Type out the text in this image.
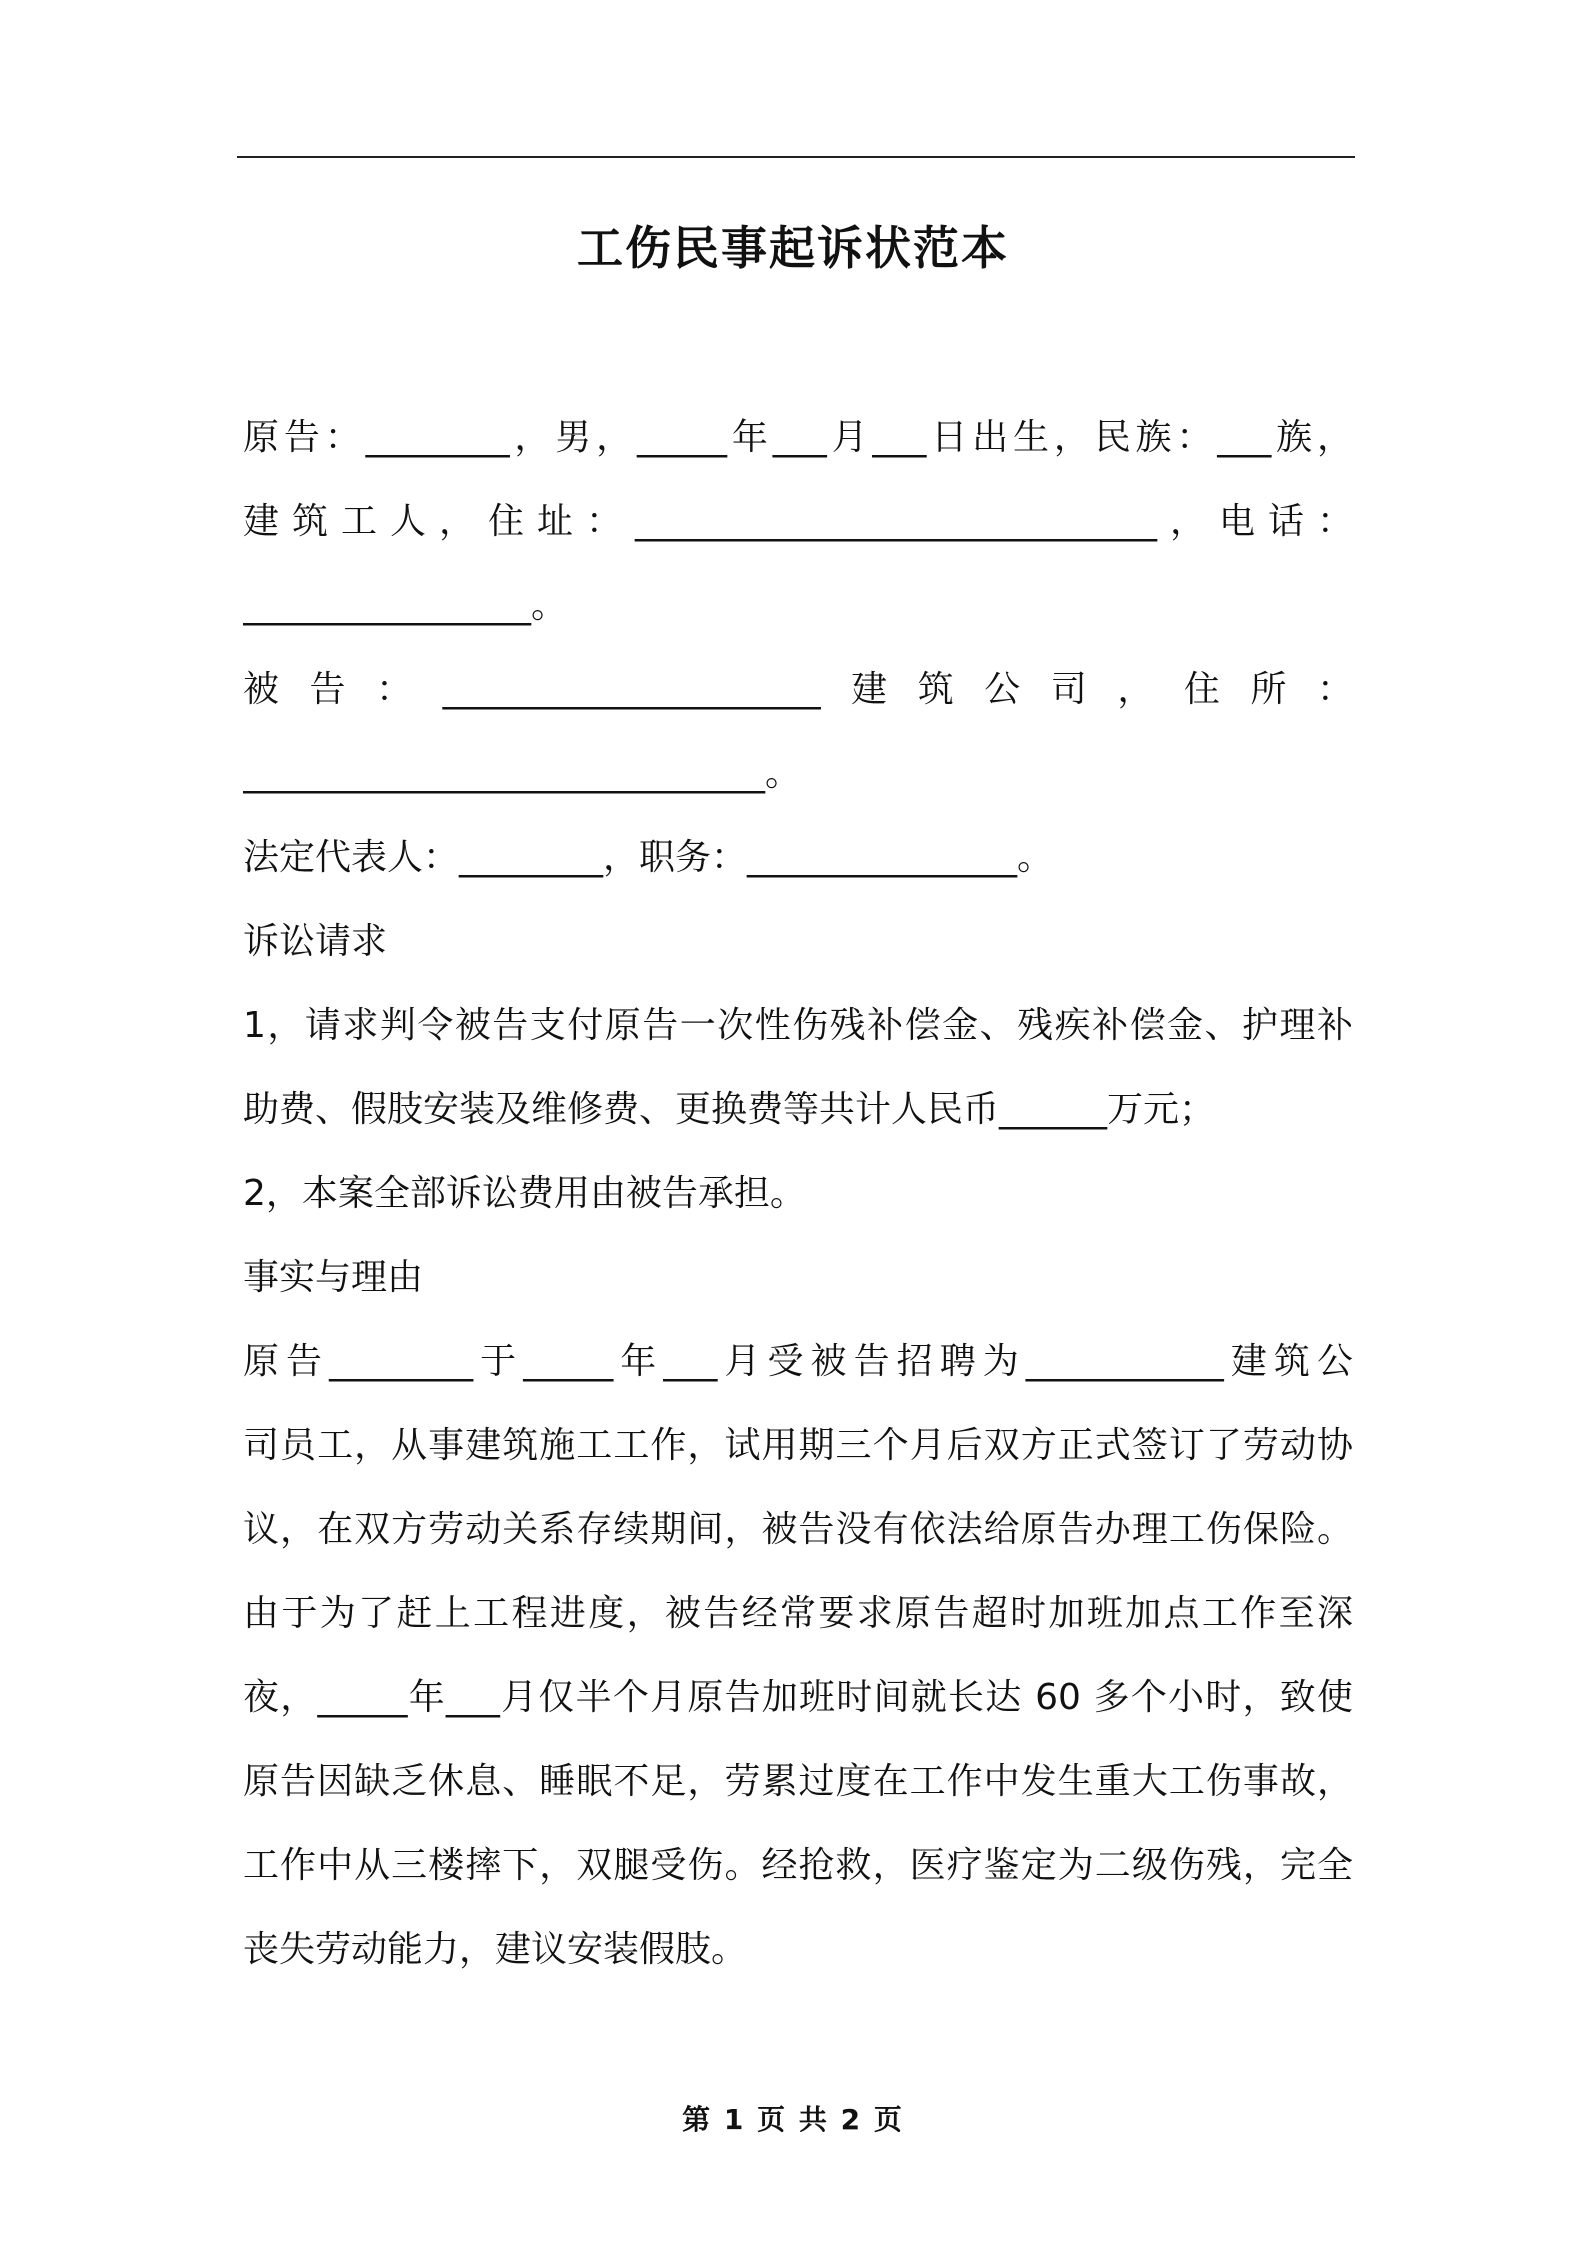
工伤民事起诉状范本
原告：________，男，_____年___月___日出生，民族：___族，
建筑工人，住址：_____________________________，电话：
________________。
被告：_____________________建筑公司，住所：
_____________________________。
法定代表人：________，职务：_______________。
诉讼请求
1，请求判令被告支付原告一次性伤残补偿金、残疾补偿金、护理补
助费、假肢安装及维修费、更换费等共计人民币______万元；
2，本案全部诉讼费用由被告承担。
事实与理由
原告________于_____年___月受被告招聘为___________建筑公
司员工，从事建筑施工工作，试用期三个月后双方正式签订了劳动协
议，在双方劳动关系存续期间，被告没有依法给原告办理工伤保险。
由于为了赶上工程进度，被告经常要求原告超时加班加点工作至深
夜，_____年___月仅半个月原告加班时间就长达 60 多个小时，致使
原告因缺乏休息、睡眠不足，劳累过度在工作中发生重大工伤事故，
工作中从三楼摔下，双腿受伤。经抢救，医疗鉴定为二级伤残，完全
丧失劳动能力，建议安装假肢。
第 1 页 共 2 页
